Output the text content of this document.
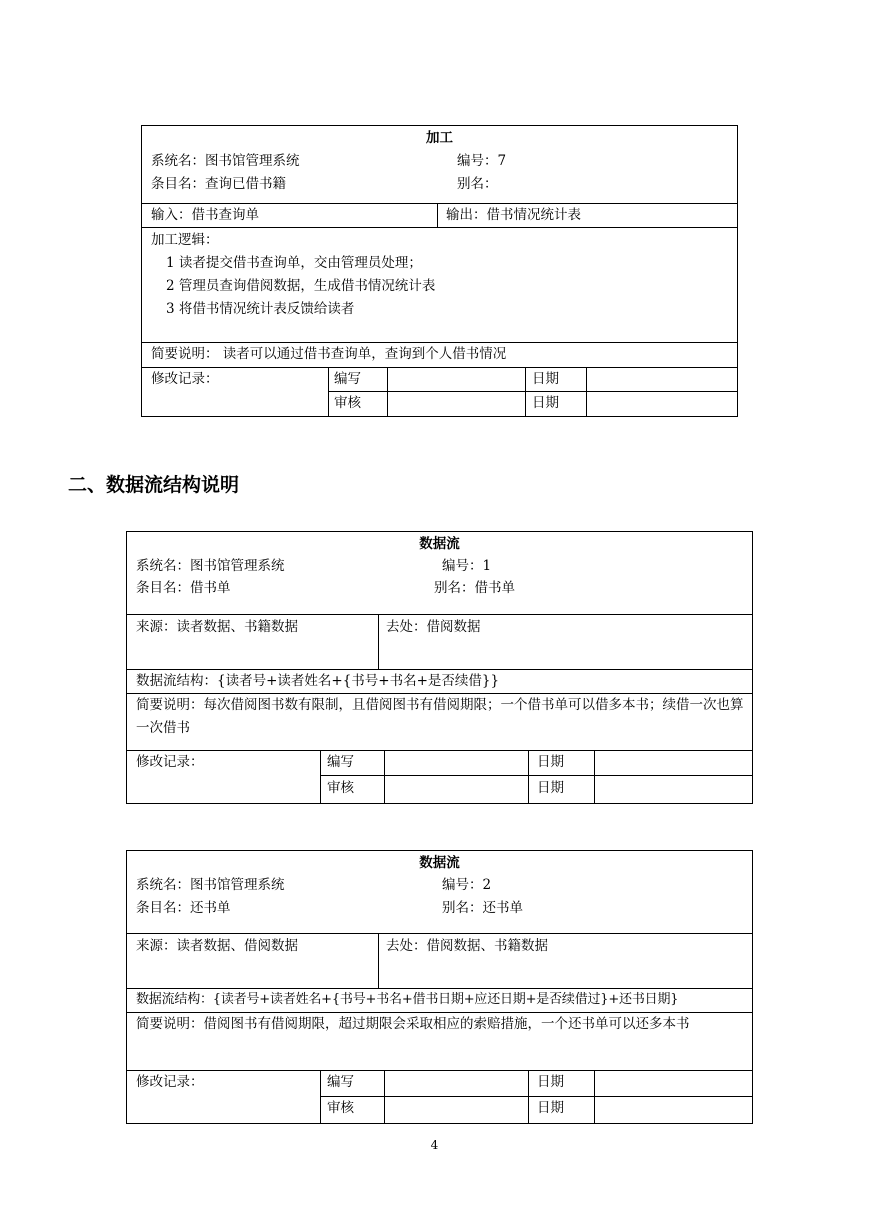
加工
系统名：图书馆管理系统	编号：7
条目名：查询已借书籍	别名：
输入：借书查询单	输出：借书情况统计表
加工逻辑：
1 读者提交借书查询单，交由管理员处理；
2 管理员查询借阅数据，生成借书情况统计表
3 将借书情况统计表反馈给读者
简要说明： 读者可以通过借书查询单，查询到个人借书情况
修改记录：	编写	日期
审核	日期
二、数据流结构说明
数据流
系统名：图书馆管理系统	编号：1
条目名：借书单	别名：借书单
来源：读者数据、书籍数据	去处：借阅数据
数据流结构：{读者号+读者姓名+{书号+书名+是否续借}}
简要说明：每次借阅图书数有限制，且借阅图书有借阅期限；一个借书单可以借多本书；续借一次也算一次借书
修改记录：	编写	日期
审核	日期
数据流
系统名：图书馆管理系统	编号：2
条目名：还书单	别名：还书单
来源：读者数据、借阅数据	去处：借阅数据、书籍数据
数据流结构：{读者号+读者姓名+{书号+书名+借书日期+应还日期+是否续借过}+还书日期}
简要说明：借阅图书有借阅期限，超过期限会采取相应的索赔措施，一个还书单可以还多本书
修改记录：	编写	日期
审核	日期
4
